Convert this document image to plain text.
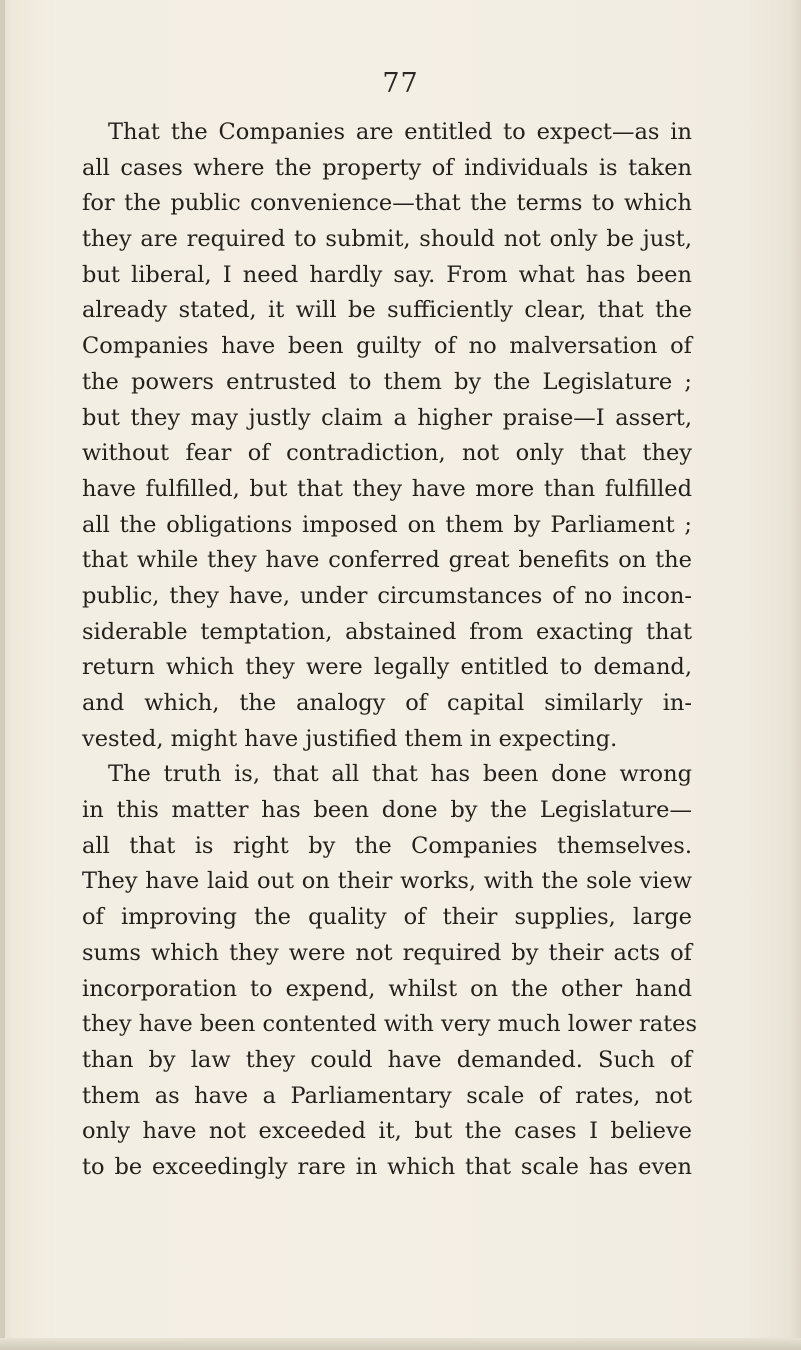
77
That the Companies are entitled to expect—as in
all cases where the property of individuals is taken
for the public convenience—that the terms to which
they are required to submit, should not only be just,
but liberal, I need hardly say. From what has been
already stated, it will be sufficiently clear, that the
Companies have been guilty of no malversation of
the powers entrusted to them by the Legislature ;
but they may justly claim a higher praise—I assert,
without fear of contradiction, not only that they
have fulfilled, but that they have more than fulfilled
all the obligations imposed on them by Parliament ;
that while they have conferred great benefits on the
public, they have, under circumstances of no incon-
siderable temptation, abstained from exacting that
return which they were legally entitled to demand,
and which, the analogy of capital similarly in-
vested, might have justified them in expecting.
The truth is, that all that has been done wrong
in this matter has been done by the Legislature—
all that is right by the Companies themselves.
They have laid out on their works, with the sole view
of improving the quality of their supplies, large
sums which they were not required by their acts of
incorporation to expend, whilst on the other hand
they have been contented with very much lower rates
than by law they could have demanded. Such of
them as have a Parliamentary scale of rates, not
only have not exceeded it, but the cases I believe
to be exceedingly rare in which that scale has even
